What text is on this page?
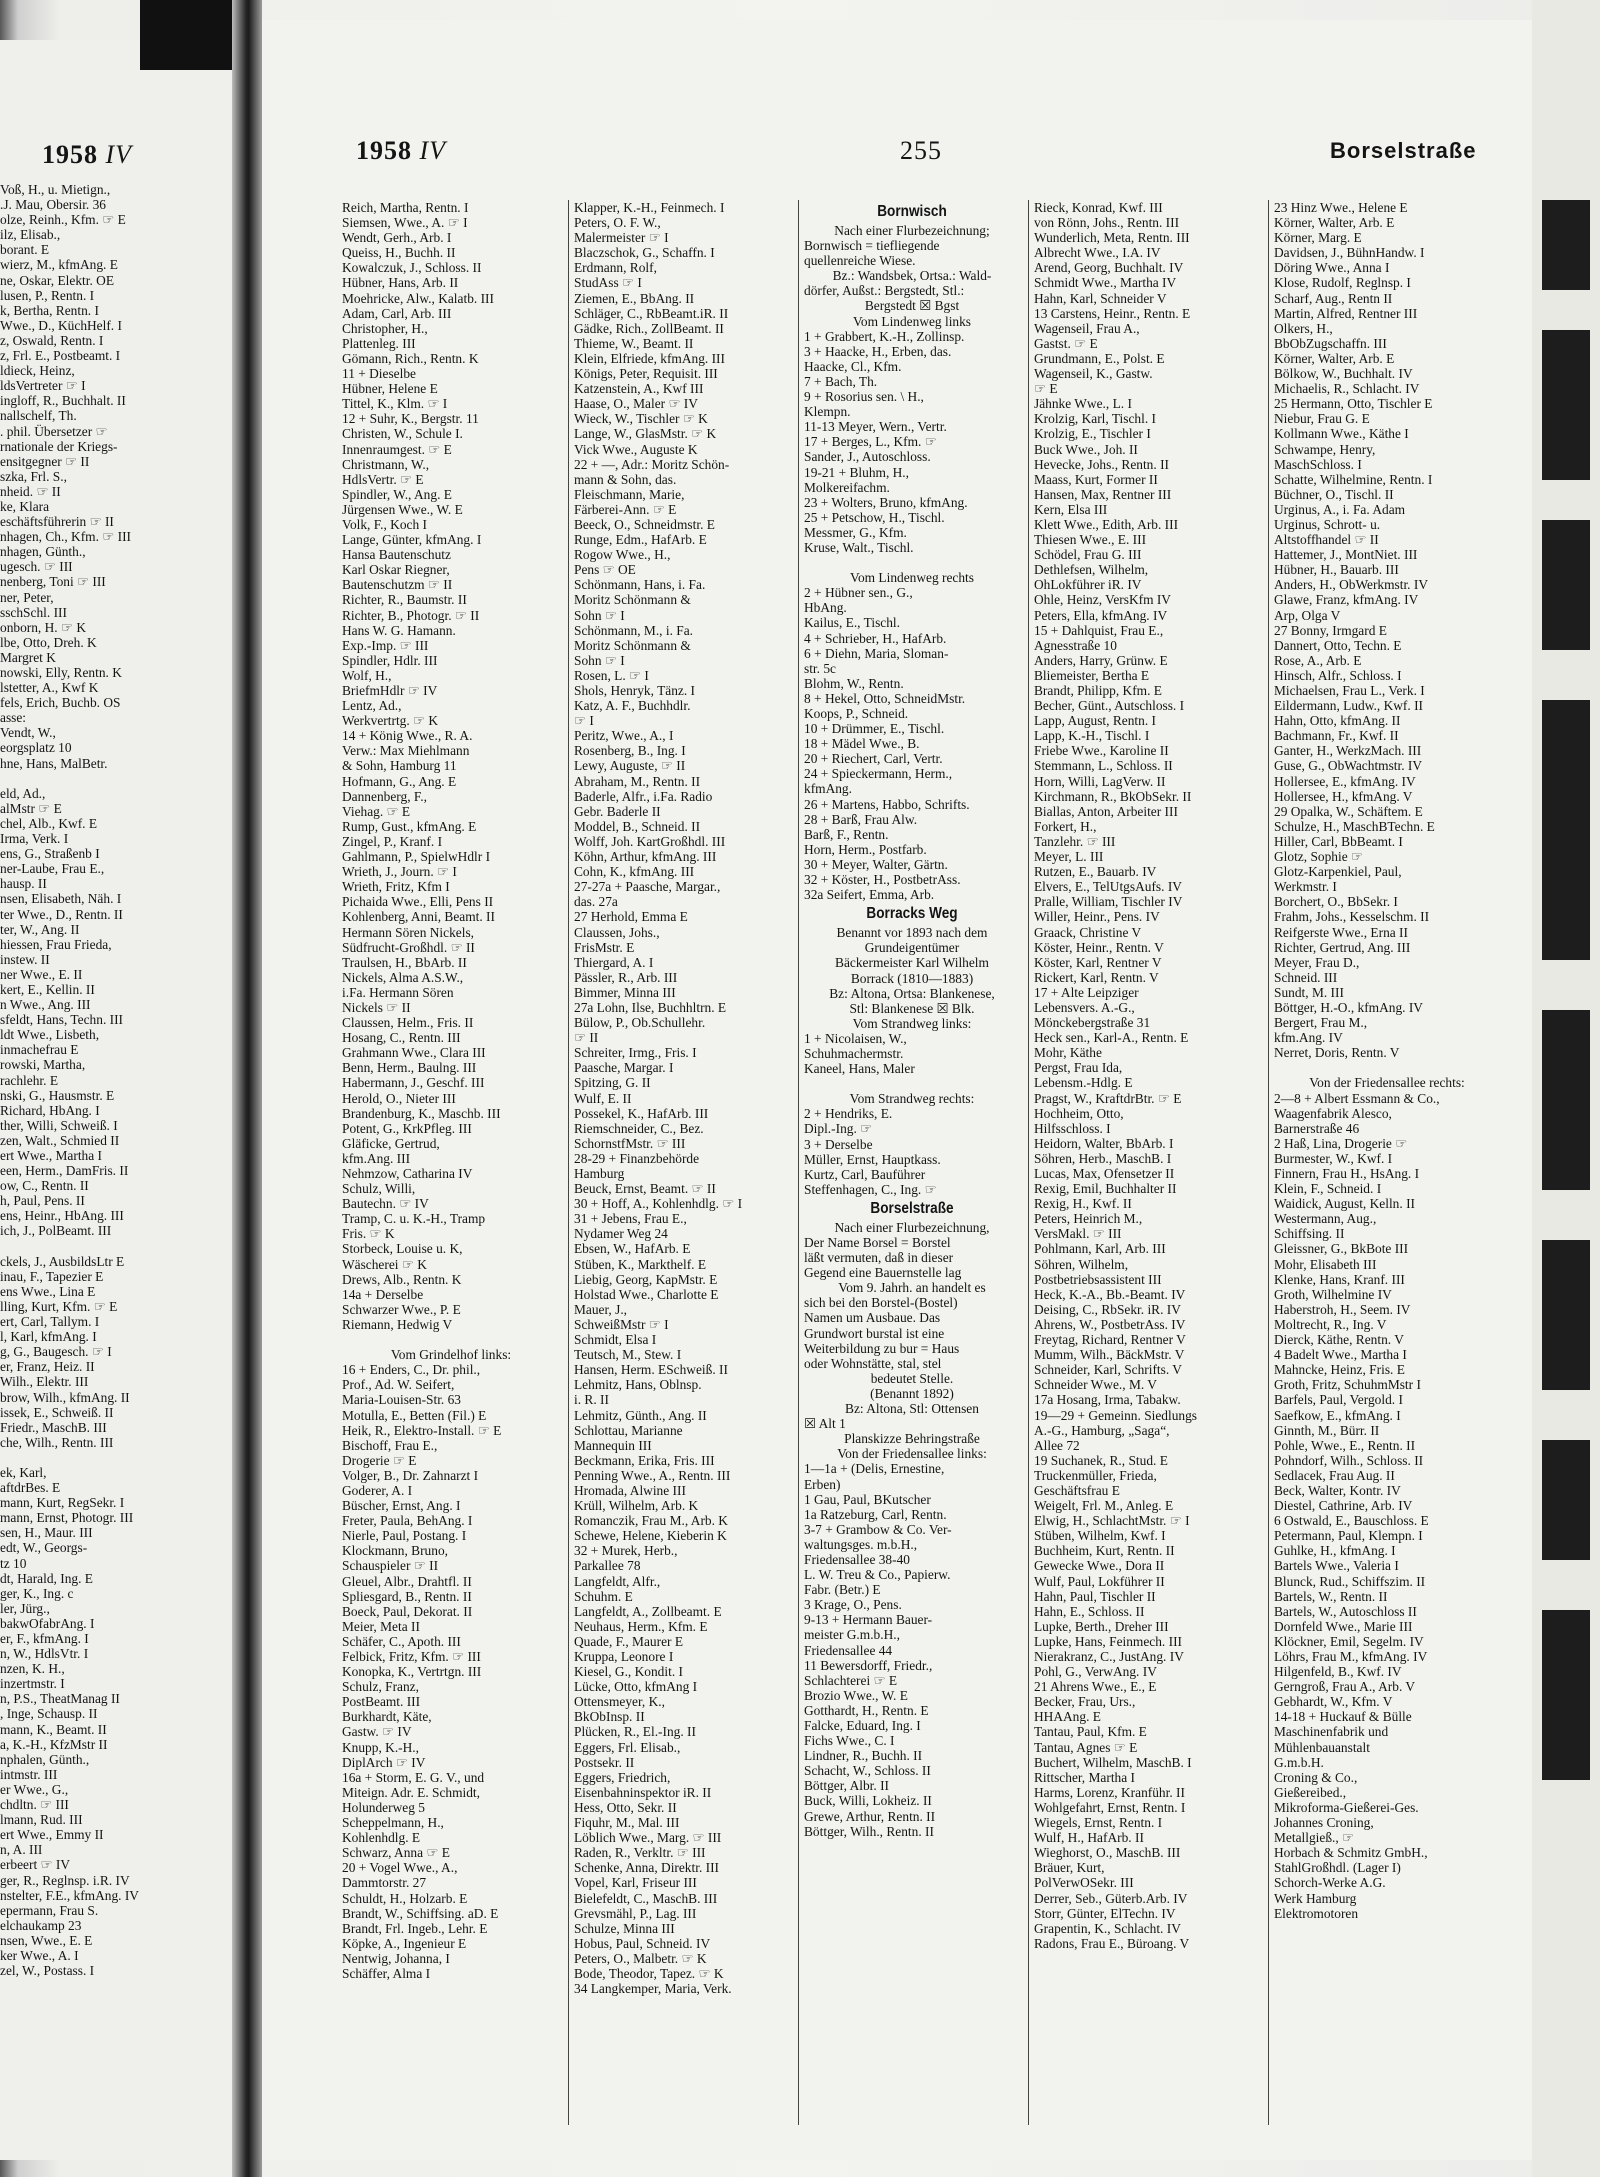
1958 IV
Voß, H., u. Mietign.,
.J. Mau, Obersir. 36
olze, Reinh., Kfm. ☞ E
ilz, Elisab.,
borant. E
wierz, M., kfmAng. E
ne, Oskar, Elektr. OE
lusen, P., Rentn. I
k, Bertha, Rentn. I
Wwe., D., KüchHelf. I
z, Oswald, Rentn. I
z, Frl. E., Postbeamt. I
ldieck, Heinz,
ldsVertreter ☞ I
ingloff, R., Buchhalt. II
nallschelf, Th.
. phil. Übersetzer ☞
rnationale der Kriegs-
ensitgegner ☞ II
szka, Frl. S.,
nheid. ☞ II
ke, Klara
eschäftsführerin ☞ II
nhagen, Ch., Kfm. ☞ III
nhagen, Günth.,
ugesch. ☞ III
nenberg, Toni ☞ III
ner, Peter,
sschSchl. III
onborn, H. ☞ K
lbe, Otto, Dreh. K
Margret K
nowski, Elly, Rentn. K
lstetter, A., Kwf K
fels, Erich, Buchb. OS
asse:
Vendt, W.,
eorgsplatz 10
hne, Hans, MalBetr.

eld, Ad.,
alMstr ☞ E
chel, Alb., Kwf. E
Irma, Verk. I
ens, G., Straßenb I
ner-Laube, Frau E.,
hausp. II
nsen, Elisabeth, Näh. I
ter Wwe., D., Rentn. II
ter, W., Ang. II
hiessen, Frau Frieda,
instew. II
ner Wwe., E. II
kert, E., Kellin. II
n Wwe., Ang. III
sfeldt, Hans, Techn. III
ldt Wwe., Lisbeth,
inmachefrau E
rowski, Martha,
rachlehr. E
nski, G., Hausmstr. E
Richard, HbAng. I
ther, Willi, Schweiß. I
zen, Walt., Schmied II
ert Wwe., Martha I
een, Herm., DamFris. II
ow, C., Rentn. II
h, Paul, Pens. II
ens, Heinr., HbAng. III
ich, J., PolBeamt. III

ckels, J., AusbildsLtr E
inau, F., Tapezier E
ens Wwe., Lina E
lling, Kurt, Kfm. ☞ E
ert, Carl, Tallym. I
l, Karl, kfmAng. I
g, G., Baugesch. ☞ I
er, Franz, Heiz. II
Wilh., Elektr. III
brow, Wilh., kfmAng. II
issek, E., Schweiß. II
Friedr., MaschB. III
che, Wilh., Rentn. III

ek, Karl,
aftdrBes. E
mann, Kurt, RegSekr. I
mann, Ernst, Photogr. III
sen, H., Maur. III
edt, W., Georgs-
tz 10
dt, Harald, Ing. E
ger, K., Ing. c
ler, Jürg.,
bakwOfabrAng. I
er, F., kfmAng. I
n, W., HdlsVtr. I
nzen, K. H.,
inzertmstr. I
n, P.S., TheatManag II
, Inge, Schausp. II
mann, K., Beamt. II
a, K.-H., KfzMstr II
nphalen, Günth.,
intmstr. III
er Wwe., G.,
chdltn. ☞ III
lmann, Rud. III
ert Wwe., Emmy II
n, A. III
erbeert ☞ IV
ger, R., Reglnsp. i.R. IV
nstelter, F.E., kfmAng. IV
epermann, Frau S.
elchaukamp 23
nsen, Wwe., E. E
ker Wwe., A. I
zel, W., Postass. I
1958 IV	255	Borselstraße
Reich, Martha, Rentn. I
Siemsen, Wwe., A. ☞ I
Wendt, Gerh., Arb. I
Queiss, H., Buchh. II
Kowalczuk, J., Schloss. II
Hübner, Hans, Arb. II
Moehricke, Alw., Kalatb. III
Adam, Carl, Arb. III
Christopher, H.,
Plattenleg. III
Gömann, Rich., Rentn. K
11 + Dieselbe
Hübner, Helene E
Tittel, K., Klm. ☞ I
12 + Suhr, K., Bergstr. 11
Christen, W., Schule I.
Innenraumgest. ☞ E
Christmann, W.,
HdlsVertr. ☞ E
Spindler, W., Ang. E
Jürgensen Wwe., W. E
Volk, F., Koch I
Lange, Günter, kfmAng. I
Hansa Bautenschutz
Karl Oskar Riegner,
Bautenschutzm ☞ II
Richter, R., Baumstr. II
Richter, B., Photogr. ☞ II
Hans W. G. Hamann.
Exp.-Imp. ☞ III
Spindler, Hdlr. III
Wolf, H.,
BriefmHdlr ☞ IV
Lentz, Ad.,
Werkvertrtg. ☞ K
14 + König Wwe., R. A.
Verw.: Max Miehlmann
& Sohn, Hamburg 11
Hofmann, G., Ang. E
Dannenberg, F.,
Viehag. ☞ E
Rump, Gust., kfmAng. E
Zingel, P., Kranf. I
Gahlmann, P., SpielwHdlr I
Wrieth, J., Journ. ☞ I
Wrieth, Fritz, Kfm I
Pichaida Wwe., Elli, Pens II
Kohlenberg, Anni, Beamt. II
Hermann Sören Nickels,
Südfrucht-Großhdl. ☞ II
Traulsen, H., BbArb. II
Nickels, Alma A.S.W.,
i.Fa. Hermann Sören
Nickels ☞ II
Claussen, Helm., Fris. II
Hosang, C., Rentn. III
Grahmann Wwe., Clara III
Benn, Herm., Baulng. III
Habermann, J., Geschf. III
Herold, O., Nieter III
Brandenburg, K., Maschb. III
Potent, G., KrkPfleg. III
Gläficke, Gertrud,
kfm.Ang. III
Nehmzow, Catharina IV
Schulz, Willi,
Bautechn. ☞ IV
Tramp, C. u. K.-H., Tramp
Fris. ☞ K
Storbeck, Louise u. K,
Wäscherei ☞ K
Drews, Alb., Rentn. K
14a + Derselbe
Schwarzer Wwe., P. E
Riemann, Hedwig V

Vom Grindelhof links:
16 + Enders, C., Dr. phil.,
Prof., Ad. W. Seifert,
Maria-Louisen-Str. 63
Motulla, E., Betten (Fil.) E
Heik, R., Elektro-Install. ☞ E
Bischoff, Frau E.,
Drogerie ☞ E
Volger, B., Dr. Zahnarzt I
Goderer, A. I
Büscher, Ernst, Ang. I
Freter, Paula, BehAng. I
Nierle, Paul, Postang. I
Klockmann, Bruno,
Schauspieler ☞ II
Gleuel, Albr., Drahtfl. II
Spliesgard, B., Rentn. II
Boeck, Paul, Dekorat. II
Meier, Meta II
Schäfer, C., Apoth. III
Felbick, Fritz, Kfm. ☞ III
Konopka, K., Vertrtgn. III
Schulz, Franz,
PostBeamt. III
Burkhardt, Käte,
Gastw. ☞ IV
Knupp, K.-H.,
DiplArch ☞ IV
16a + Storm, E. G. V., und
Miteign. Adr. E. Schmidt,
Holunderweg 5
Scheppelmann, H.,
Kohlenhdlg. E
Schwarz, Anna ☞ E
20 + Vogel Wwe., A.,
Dammtorstr. 27
Schuldt, H., Holzarb. E
Brandt, W., Schiffsing. aD. E
Brandt, Frl. Ingeb., Lehr. E
Köpke, A., Ingenieur E
Nentwig, Johanna, I
Schäffer, Alma I
Klapper, K.-H., Feinmech. I
Peters, O. F. W.,
Malermeister ☞ I
Blaczschok, G., Schaffn. I
Erdmann, Rolf,
StudAss ☞ I
Ziemen, E., BbAng. II
Schläger, C., RbBeamt.iR. II
Gädke, Rich., ZollBeamt. II
Thieme, W., Beamt. II
Klein, Elfriede, kfmAng. III
Königs, Peter, Requisit. III
Katzenstein, A., Kwf III
Haase, O., Maler ☞ IV
Wieck, W., Tischler ☞ K
Lange, W., GlasMstr. ☞ K
Vick Wwe., Auguste K
22 + —, Adr.: Moritz Schön-
mann & Sohn, das.
Fleischmann, Marie,
Färberei-Ann. ☞ E
Beeck, O., Schneidmstr. E
Runge, Edm., HafArb. E
Rogow Wwe., H.,
Pens ☞ OE
Schönmann, Hans, i. Fa.
Moritz Schönmann &
Sohn ☞ I
Schönmann, M., i. Fa.
Moritz Schönmann &
Sohn ☞ I
Rosen, L. ☞ I
Shols, Henryk, Tänz. I
Katz, A. F., Buchhdlr.
☞ I
Peritz, Wwe., A., I
Rosenberg, B., Ing. I
Lewy, Auguste, ☞ II
Abraham, M., Rentn. II
Baderle, Alfr., i.Fa. Radio
Gebr. Baderle II
Moddel, B., Schneid. II
Wolff, Joh. KartGroßhdl. III
Köhn, Arthur, kfmAng. III
Cohn, K., kfmAng. III
27-27a + Paasche, Margar.,
das. 27a
27 Herhold, Emma E
Claussen, Johs.,
FrisMstr. E
Thiergard, A. I
Pässler, R., Arb. III
Bimmer, Minna III
27a Lohn, Ilse, Buchhltrn. E
Bülow, P., Ob.Schullehr.
☞ II
Schreiter, Irmg., Fris. I
Paasche, Margar. I
Spitzing, G. II
Wulf, E. II
Possekel, K., HafArb. III
Riemschneider, C., Bez.
SchornstfMstr. ☞ III
28-29 + Finanzbehörde
Hamburg
Beuck, Ernst, Beamt. ☞ II
30 + Hoff, A., Kohlenhdlg. ☞ I
31 + Jebens, Frau E.,
Nydamer Weg 24
Ebsen, W., HafArb. E
Stüben, K., Markthelf. E
Liebig, Georg, KapMstr. E
Holstad Wwe., Charlotte E
Mauer, J.,
SchweißMstr ☞ I
Schmidt, Elsa I
Teutsch, M., Stew. I
Hansen, Herm. ESchweiß. II
Lehmitz, Hans, Oblnsp.
i. R. II
Lehmitz, Günth., Ang. II
Schlottau, Marianne
Mannequin III
Beckmann, Erika, Fris. III
Penning Wwe., A., Rentn. III
Hromada, Alwine III
Krüll, Wilhelm, Arb. K
Romanczik, Frau M., Arb. K
Schewe, Helene, Kieberin K
32 + Murek, Herb.,
Parkallee 78
Langfeldt, Alfr.,
Schuhm. E
Langfeldt, A., Zollbeamt. E
Neuhaus, Herm., Kfm. E
Quade, F., Maurer E
Kruppa, Leonore I
Kiesel, G., Kondit. I
Lücke, Otto, kfmAng I
Ottensmeyer, K.,
BkObInsp. II
Plücken, R., El.-Ing. II
Eggers, Frl. Elisab.,
Postsekr. II
Eggers, Friedrich,
Eisenbahninspektor iR. II
Hess, Otto, Sekr. II
Fiquhr, M., Mal. III
Löblich Wwe., Marg. ☞ III
Raden, R., Verkltr. ☞ III
Schenke, Anna, Direktr. III
Vopel, Karl, Friseur III
Bielefeldt, C., MaschB. III
Grevsmähl, P., Lag. III
Schulze, Minna III
Hobus, Paul, Schneid. IV
Peters, O., Malbetr. ☞ K
Bode, Theodor, Tapez. ☞ K
34 Langkemper, Maria, Verk.
Bornwisch
Nach einer Flurbezeichnung;
Bornwisch = tiefliegende
quellenreiche Wiese.
Bz.: Wandsbek, Ortsa.: Wald-
dörfer, Außst.: Bergstedt, Stl.:
Bergstedt ☒ Bgst
Vom Lindenweg links
1 + Grabbert, K.-H., Zollinsp.
3 + Haacke, H., Erben, das.
Haacke, Cl., Kfm.
7 + Bach, Th.
9 + Rosorius sen. \ H.,
Klempn.
11-13 Meyer, Wern., Vertr.
17 + Berges, L., Kfm. ☞
Sander, J., Autoschloss.
19-21 + Bluhm, H.,
Molkereifachm.
23 + Wolters, Bruno, kfmAng.
25 + Petschow, H., Tischl.
Messmer, G., Kfm.
Kruse, Walt., Tischl.

Vom Lindenweg rechts
2 + Hübner sen., G.,
HbAng.
Kailus, E., Tischl.
4 + Schrieber, H., HafArb.
6 + Diehn, Maria, Sloman-
str. 5c
Blohm, W., Rentn.
8 + Hekel, Otto, SchneidMstr.
Koops, P., Schneid.
10 + Drümmer, E., Tischl.
18 + Mädel Wwe., B.
20 + Riechert, Carl, Vertr.
24 + Spieckermann, Herm.,
kfmAng.
26 + Martens, Habbo, Schrifts.
28 + Barß, Frau Alw.
Barß, F., Rentn.
Horn, Herm., Postfarb.
30 + Meyer, Walter, Gärtn.
32 + Köster, H., PostbetrAss.
32a Seifert, Emma, Arb.
Borracks Weg
Benannt vor 1893 nach dem
Grundeigentümer
Bäckermeister Karl Wilhelm
Borrack (1810—1883)
Bz: Altona, Ortsa: Blankenese,
Stl: Blankenese ☒ Blk.
Vom Strandweg links:
1 + Nicolaisen, W.,
Schuhmachermstr.
Kaneel, Hans, Maler

Vom Strandweg rechts:
2 + Hendriks, E.
Dipl.-Ing. ☞
3 + Derselbe
Müller, Ernst, Hauptkass.
Kurtz, Carl, Bauführer
Steffenhagen, C., Ing. ☞
Borselstraße
Nach einer Flurbezeichnung,
Der Name Borsel = Borstel
läßt vermuten, daß in dieser
Gegend eine Bauernstelle lag
Vom 9. Jahrh. an handelt es
sich bei den Borstel-(Bostel)
Namen um Ausbaue. Das
Grundwort burstal ist eine
Weiterbildung zu bur = Haus
oder Wohnstätte, stal, stel
bedeutet Stelle.
(Benannt 1892)
Bz: Altona, Stl: Ottensen
☒ Alt 1
Planskizze Behringstraße
Von der Friedensallee links:
1—1a + (Delis, Ernestine,
Erben)
1 Gau, Paul, BKutscher
1a Ratzeburg, Carl, Rentn.
3-7 + Grambow & Co. Ver-
waltungsges. m.b.H.,
Friedensallee 38-40
L. W. Treu & Co., Papierw.
Fabr. (Betr.) E
3 Krage, O., Pens.
9-13 + Hermann Bauer-
meister G.m.b.H.,
Friedensallee 44
11 Bewersdorff, Friedr.,
Schlachterei ☞ E
Brozio Wwe., W. E
Gotthardt, H., Rentn. E
Falcke, Eduard, Ing. I
Fichs Wwe., C. I
Lindner, R., Buchh. II
Schacht, W., Schloss. II
Böttger, Albr. II
Buck, Willi, Lokheiz. II
Grewe, Arthur, Rentn. II
Böttger, Wilh., Rentn. II
Rieck, Konrad, Kwf. III
von Rönn, Johs., Rentn. III
Wunderlich, Meta, Rentn. III
Albrecht Wwe., I.A. IV
Arend, Georg, Buchhalt. IV
Schmidt Wwe., Martha IV
Hahn, Karl, Schneider V
13 Carstens, Heinr., Rentn. E
Wagenseil, Frau A.,
Gastst. ☞ E
Grundmann, E., Polst. E
Wagenseil, K., Gastw.
☞ E
Jähnke Wwe., L. I
Krolzig, Karl, Tischl. I
Krolzig, E., Tischler I
Buck Wwe., Joh. II
Hevecke, Johs., Rentn. II
Maass, Kurt, Former II
Hansen, Max, Rentner III
Kern, Elsa III
Klett Wwe., Edith, Arb. III
Thiesen Wwe., E. III
Schödel, Frau G. III
Dethlefsen, Wilhelm,
OhLokführer iR. IV
Ohle, Heinz, VersKfm IV
Peters, Ella, kfmAng. IV
15 + Dahlquist, Frau E.,
Agnesstraße 10
Anders, Harry, Grünw. E
Bliemeister, Bertha E
Brandt, Philipp, Kfm. E
Becher, Günt., Autschloss. I
Lapp, August, Rentn. I
Lapp, K.-H., Tischl. I
Friebe Wwe., Karoline II
Stemmann, L., Schloss. II
Horn, Willi, LagVerw. II
Kirchmann, R., BkObSekr. II
Biallas, Anton, Arbeiter III
Forkert, H.,
Tanzlehr. ☞ III
Meyer, L. III
Rutzen, E., Bauarb. IV
Elvers, E., TelUtgsAufs. IV
Pralle, William, Tischler IV
Willer, Heinr., Pens. IV
Graack, Christine V
Köster, Heinr., Rentn. V
Köster, Karl, Rentner V
Rickert, Karl, Rentn. V
17 + Alte Leipziger
Lebensvers. A.-G.,
Mönckebergstraße 31
Heck sen., Karl-A., Rentn. E
Mohr, Käthe
Pergst, Frau Ida,
Lebensm.-Hdlg. E
Pragst, W., KraftdrBtr. ☞ E
Hochheim, Otto,
Hilfsschloss. I
Heidorn, Walter, BbArb. I
Söhren, Herb., MaschB. I
Lucas, Max, Ofensetzer II
Rexig, Emil, Buchhalter II
Rexig, H., Kwf. II
Peters, Heinrich M.,
VersMakl. ☞ III
Pohlmann, Karl, Arb. III
Söhren, Wilhelm,
Postbetriebsassistent III
Heck, K.-A., Bb.-Beamt. IV
Deising, C., RbSekr. iR. IV
Ahrens, W., PostbetrAss. IV
Freytag, Richard, Rentner V
Mumm, Wilh., BäckMstr. V
Schneider, Karl, Schrifts. V
Schneider Wwe., M. V
17a Hosang, Irma, Tabakw.
19—29 + Gemeinn. Siedlungs
A.-G., Hamburg, „Saga“,
Allee 72
19 Suchanek, R., Stud. E
Truckenmüller, Frieda,
Geschäftsfrau E
Weigelt, Frl. M., Anleg. E
Elwig, H., SchlachtMstr. ☞ I
Stüben, Wilhelm, Kwf. I
Buchheim, Kurt, Rentn. II
Gewecke Wwe., Dora II
Wulf, Paul, Lokführer II
Hahn, Paul, Tischler II
Hahn, E., Schloss. II
Lupke, Berth., Dreher III
Lupke, Hans, Feinmech. III
Nierakranz, C., JustAng. IV
Pohl, G., VerwAng. IV
21 Ahrens Wwe., E., E
Becker, Frau, Urs.,
HHAAng. E
Tantau, Paul, Kfm. E
Tantau, Agnes ☞ E
Buchert, Wilhelm, MaschB. I
Rittscher, Martha I
Harms, Lorenz, Kranführ. II
Wohlgefahrt, Ernst, Rentn. I
Wiegels, Ernst, Rentn. I
Wulf, H., HafArb. II
Wieghorst, O., MaschB. III
Bräuer, Kurt,
PolVerwOSekr. III
Derrer, Seb., Güterb.Arb. IV
Storr, Günter, ElTechn. IV
Grapentin, K., Schlacht. IV
Radons, Frau E., Büroang. V
23 Hinz Wwe., Helene E
Körner, Walter, Arb. E
Körner, Marg. E
Davidsen, J., BühnHandw. I
Döring Wwe., Anna I
Klose, Rudolf, Reglnsp. I
Scharf, Aug., Rentn II
Martin, Alfred, Rentner III
Olkers, H.,
BbObZugschaffn. III
Körner, Walter, Arb. E
Bölkow, W., Buchhalt. IV
Michaelis, R., Schlacht. IV
25 Hermann, Otto, Tischler E
Niebur, Frau G. E
Kollmann Wwe., Käthe I
Schwampe, Henry,
MaschSchloss. I
Schatte, Wilhelmine, Rentn. I
Büchner, O., Tischl. II
Urginus, A., i. Fa. Adam
Urginus, Schrott- u.
Altstoffhandel ☞ II
Hattemer, J., MontNiet. III
Hübner, H., Bauarb. III
Anders, H., ObWerkmstr. IV
Glawe, Franz, kfmAng. IV
Arp, Olga V
27 Bonny, Irmgard E
Dannert, Otto, Techn. E
Rose, A., Arb. E
Hinsch, Alfr., Schloss. I
Michaelsen, Frau L., Verk. I
Eildermann, Ludw., Kwf. II
Hahn, Otto, kfmAng. II
Bachmann, Fr., Kwf. II
Ganter, H., WerkzMach. III
Guse, G., ObWachtmstr. IV
Hollersee, E., kfmAng. IV
Hollersee, H., kfmAng. V
29 Opalka, W., Schäftem. E
Schulze, H., MaschBTechn. E
Hiller, Carl, BbBeamt. I
Glotz, Sophie ☞
Glotz-Karpenkiel, Paul,
Werkmstr. I
Borchert, O., BbSekr. I
Frahm, Johs., Kesselschm. II
Reifgerste Wwe., Erna II
Richter, Gertrud, Ang. III
Meyer, Frau D.,
Schneid. III
Sundt, M. III
Böttger, H.-O., kfmAng. IV
Bergert, Frau M.,
kfm.Ang. IV
Nerret, Doris, Rentn. V

Von der Friedensallee rechts:
2—8 + Albert Essmann & Co.,
Waagenfabrik Alesco,
Barnerstraße 46
2 Haß, Lina, Drogerie ☞
Burmester, W., Kwf. I
Finnern, Frau H., HsAng. I
Klein, F., Schneid. I
Waidick, August, Kelln. II
Westermann, Aug.,
Schiffsing. II
Gleissner, G., BkBote III
Mohr, Elisabeth III
Klenke, Hans, Kranf. III
Groth, Wilhelmine IV
Haberstroh, H., Seem. IV
Moltrecht, R., Ing. V
Dierck, Käthe, Rentn. V
4 Badelt Wwe., Martha I
Mahncke, Heinz, Fris. E
Groth, Fritz, SchuhmMstr I
Barfels, Paul, Vergold. I
Saefkow, E., kfmAng. I
Ginnth, M., Bürr. II
Pohle, Wwe., E., Rentn. II
Pohndorf, Wilh., Schloss. II
Sedlacek, Frau Aug. II
Beck, Walter, Kontr. IV
Diestel, Cathrine, Arb. IV
6 Ostwald, E., Bauschloss. E
Petermann, Paul, Klempn. I
Guhlke, H., kfmAng. I
Bartels Wwe., Valeria I
Blunck, Rud., Schiffszim. II
Bartels, W., Rentn. II
Bartels, W., Autoschloss II
Dornfeld Wwe., Marie III
Klöckner, Emil, Segelm. IV
Löhrs, Frau M., kfmAng. IV
Hilgenfeld, B., Kwf. IV
Gerngroß, Frau A., Arb. V
Gebhardt, W., Kfm. V
14-18 + Huckauf & Bülle
Maschinenfabrik und
Mühlenbauanstalt
G.m.b.H.
Croning & Co.,
Gießereibed.,
Mikroforma-Gießerei-Ges.
Johannes Croning,
Metallgieß., ☞
Horbach & Schmitz GmbH.,
StahlGroßhdl. (Lager I)
Schorch-Werke A.G.
Werk Hamburg
Elektromotoren
